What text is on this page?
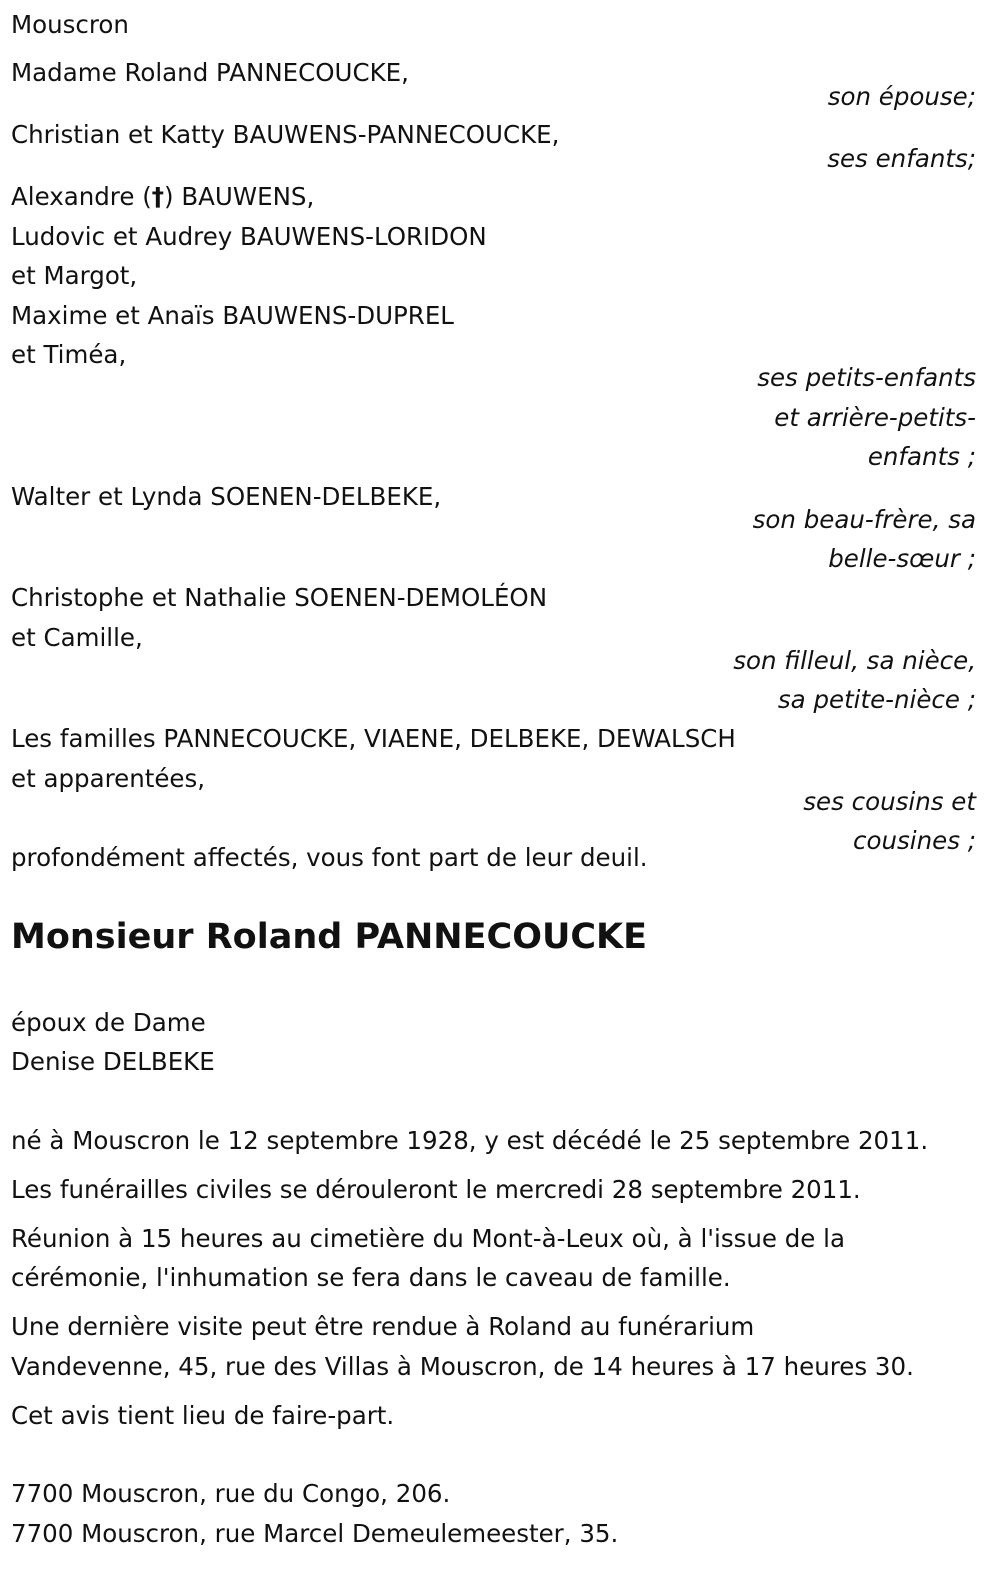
Mouscron
Madame Roland PANNECOUCKE,
son épouse;
Christian et Katty BAUWENS-PANNECOUCKE,
ses enfants;
Alexandre (†) BAUWENS,
Ludovic et Audrey BAUWENS-LORIDON
et Margot,
Maxime et Anaïs BAUWENS-DUPREL
et Timéa,
ses petits-enfants
et arrière-petits-
enfants ;
Walter et Lynda SOENEN-DELBEKE,
son beau-frère, sa
belle-sœur ;
Christophe et Nathalie SOENEN-DEMOLÉON
et Camille,
son filleul, sa nièce,
sa petite-nièce ;
Les familles PANNECOUCKE, VIAENE, DELBEKE, DEWALSCH
et apparentées,
ses cousins et
cousines ;
profondément affectés, vous font part de leur deuil.
Monsieur Roland PANNECOUCKE
époux de Dame
Denise DELBEKE
né à Mouscron le 12 septembre 1928, y est décédé le 25 septembre 2011.
Les funérailles civiles se dérouleront le mercredi 28 septembre 2011.
Réunion à 15 heures au cimetière du Mont-à-Leux où, à l'issue de la
cérémonie, l'inhumation se fera dans le caveau de famille.
Une dernière visite peut être rendue à Roland au funérarium
Vandevenne, 45, rue des Villas à Mouscron, de 14 heures à 17 heures 30.
Cet avis tient lieu de faire-part.
7700 Mouscron, rue du Congo, 206.
7700 Mouscron, rue Marcel Demeulemeester, 35.
